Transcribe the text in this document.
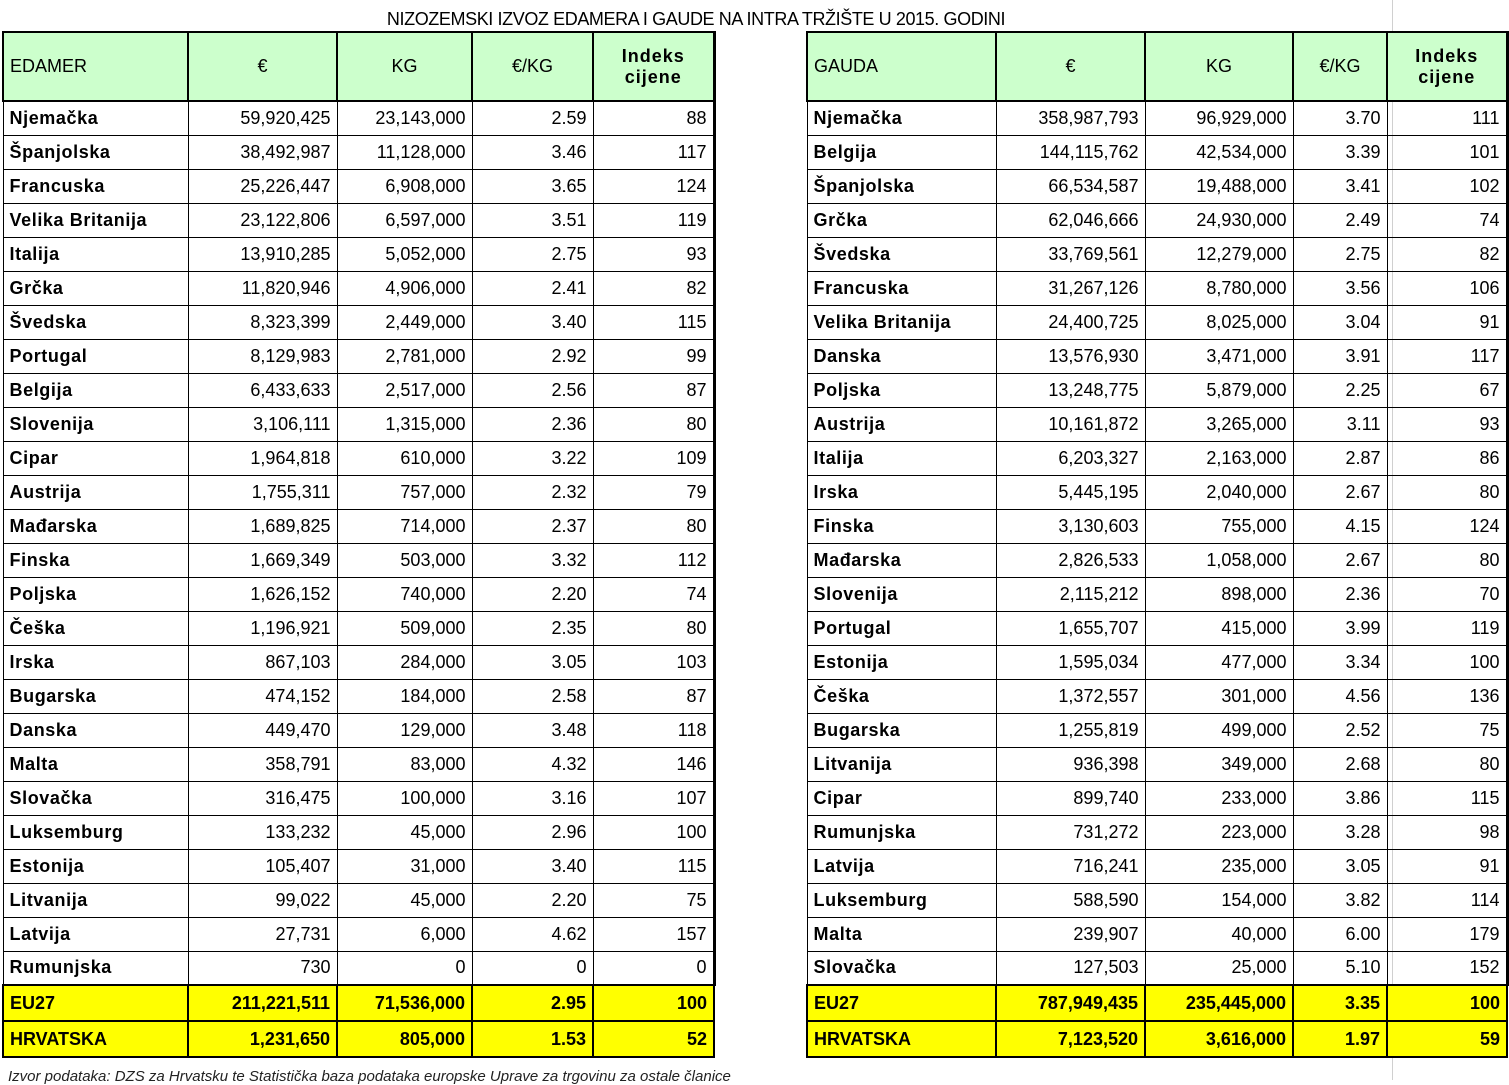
NIZOZEMSKI IZVOZ EDAMERA I GAUDE NA INTRA TRŽIŠTE U 2015. GODINI
EDAMER	€	KG	€/KG	Indeks cijene
Njemačka	59,920,425	23,143,000	2.59	88
Španjolska	38,492,987	11,128,000	3.46	117
Francuska	25,226,447	6,908,000	3.65	124
Velika Britanija	23,122,806	6,597,000	3.51	119
Italija	13,910,285	5,052,000	2.75	93
Grčka	11,820,946	4,906,000	2.41	82
Švedska	8,323,399	2,449,000	3.40	115
Portugal	8,129,983	2,781,000	2.92	99
Belgija	6,433,633	2,517,000	2.56	87
Slovenija	3,106,111	1,315,000	2.36	80
Cipar	1,964,818	610,000	3.22	109
Austrija	1,755,311	757,000	2.32	79
Mađarska	1,689,825	714,000	2.37	80
Finska	1,669,349	503,000	3.32	112
Poljska	1,626,152	740,000	2.20	74
Češka	1,196,921	509,000	2.35	80
Irska	867,103	284,000	3.05	103
Bugarska	474,152	184,000	2.58	87
Danska	449,470	129,000	3.48	118
Malta	358,791	83,000	4.32	146
Slovačka	316,475	100,000	3.16	107
Luksemburg	133,232	45,000	2.96	100
Estonija	105,407	31,000	3.40	115
Litvanija	99,022	45,000	2.20	75
Latvija	27,731	6,000	4.62	157
Rumunjska	730	0	0	0
EU27	211,221,511	71,536,000	2.95	100
HRVATSKA	1,231,650	805,000	1.53	52
GAUDA	€	KG	€/KG	Indeks cijene
Njemačka	358,987,793	96,929,000	3.70	111
Belgija	144,115,762	42,534,000	3.39	101
Španjolska	66,534,587	19,488,000	3.41	102
Grčka	62,046,666	24,930,000	2.49	74
Švedska	33,769,561	12,279,000	2.75	82
Francuska	31,267,126	8,780,000	3.56	106
Velika Britanija	24,400,725	8,025,000	3.04	91
Danska	13,576,930	3,471,000	3.91	117
Poljska	13,248,775	5,879,000	2.25	67
Austrija	10,161,872	3,265,000	3.11	93
Italija	6,203,327	2,163,000	2.87	86
Irska	5,445,195	2,040,000	2.67	80
Finska	3,130,603	755,000	4.15	124
Mađarska	2,826,533	1,058,000	2.67	80
Slovenija	2,115,212	898,000	2.36	70
Portugal	1,655,707	415,000	3.99	119
Estonija	1,595,034	477,000	3.34	100
Češka	1,372,557	301,000	4.56	136
Bugarska	1,255,819	499,000	2.52	75
Litvanija	936,398	349,000	2.68	80
Cipar	899,740	233,000	3.86	115
Rumunjska	731,272	223,000	3.28	98
Latvija	716,241	235,000	3.05	91
Luksemburg	588,590	154,000	3.82	114
Malta	239,907	40,000	6.00	179
Slovačka	127,503	25,000	5.10	152
EU27	787,949,435	235,445,000	3.35	100
HRVATSKA	7,123,520	3,616,000	1.97	59
Izvor podataka: DZS za Hrvatsku te Statistička baza podataka europske Uprave za trgovinu za ostale članice
